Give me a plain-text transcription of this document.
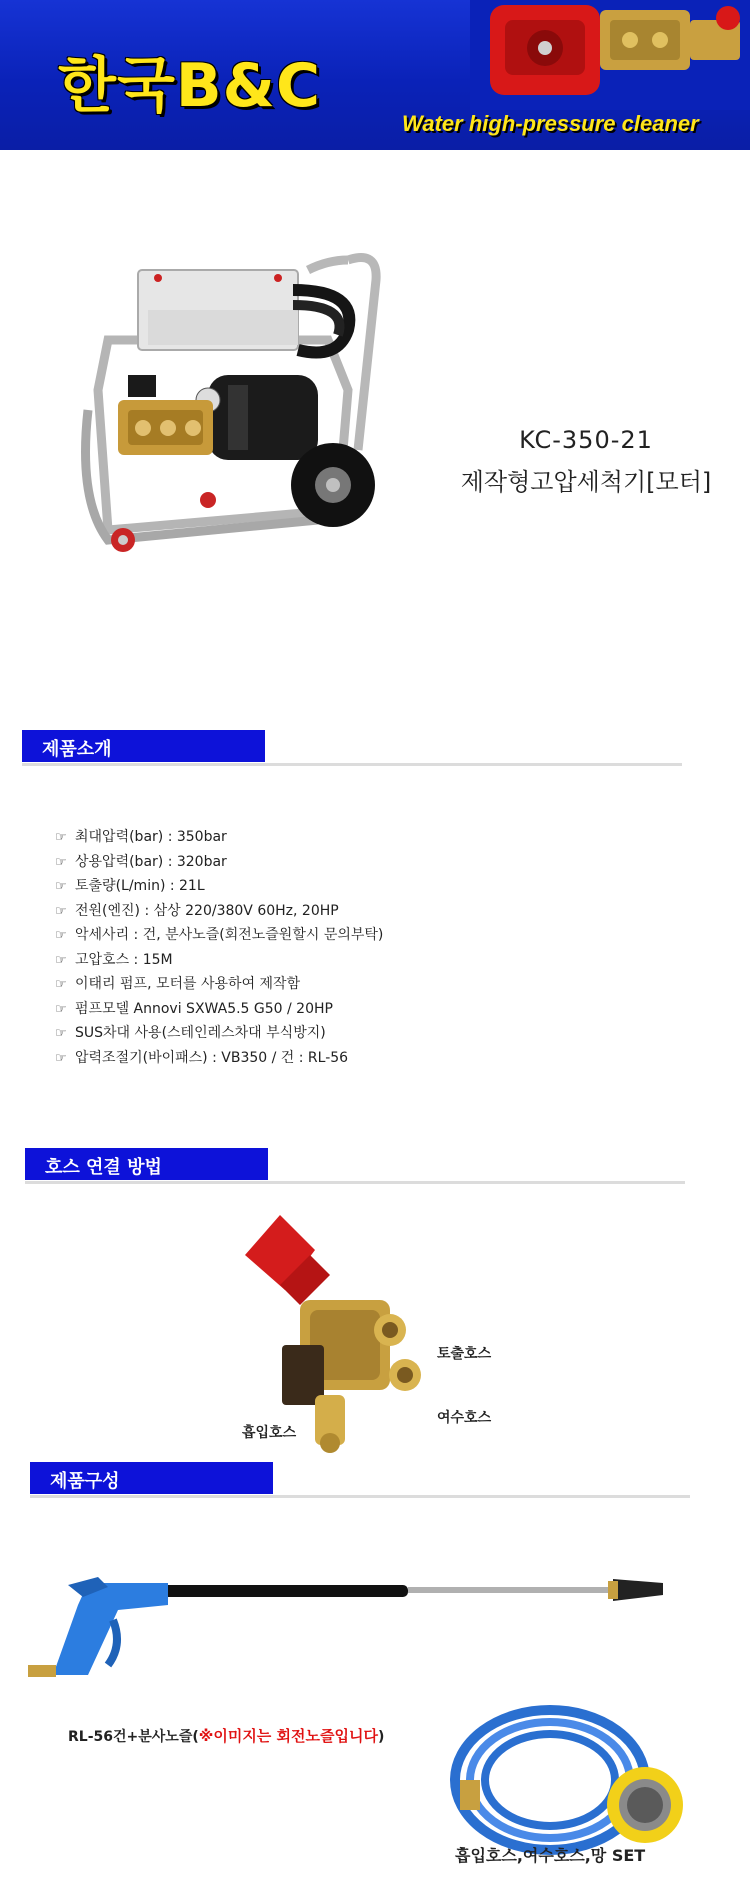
한국B&C
Water high-pressure cleaner
KC-350-21
제작형고압세척기[모터]
제품소개
☞ 최대압력(bar) : 350bar
☞ 상용압력(bar) : 320bar
☞ 토출량(L/min) : 21L
☞ 전원(엔진) : 삼상 220/380V 60Hz, 20HP
☞ 악세사리 : 건, 분사노즐(회전노즐원할시 문의부탁)
☞ 고압호스 : 15M
☞ 이태리 펌프, 모터를 사용하여 제작함
☞ 펌프모델 Annovi SXWA5.5 G50 / 20HP
☞ SUS차대 사용(스테인레스차대 부식방지)
☞ 압력조절기(바이패스) : VB350 / 건 : RL-56
호스 연결 방법
토출호스
여수호스
흡입호스
제품구성
RL-56건+분사노즐(※이미지는 회전노즐입니다)
흡입호스,여수호스,망 SET
